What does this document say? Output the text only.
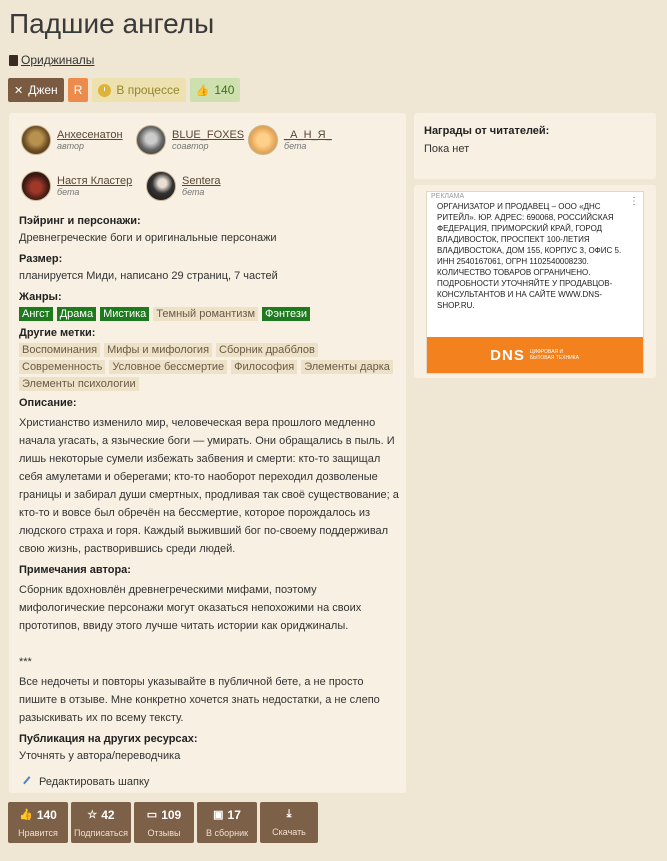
Падшие ангелы
Ориджиналы
✕ Джен R	В процессе 👍 140
Анхесенатон
автор
BLUE_FOXES
соавтор
_А_Н_Я_
бета
Настя Кластер
бета
Sentera
бета
Пэйринг и персонажи:
Древнегреческие боги и оригинальные персонажи
Размер:
планируется Миди, написано 29 страниц, 7 частей
Жанры:
Ангст Драма Мистика Темный романтизм Фэнтези
Другие метки:
Воспоминания Мифы и мифология Сборник драбблов
Современность Условное бессмертие Философия Элементы дарка
Элементы психологии
Описание:
Христианство изменило мир, человеческая вера прошлого медленно начала угасать, а языческие боги — умирать. Они обращались в пыль. И лишь некоторые сумели избежать забвения и смерти: кто-то защищал себя амулетами и оберегами; кто-то наоборот переходил дозволеные границы и забирал души смертных, продливая так своё существование; а кто-то и вовсе был обречён на бессмертие, которое порождалось из людского страха и горя. Каждый выживший бог по-своему поддерживал свою жизнь, растворившись среди людей.
Примечания автора:
Сборник вдохновлён древнегреческими мифами, поэтому мифологические персонажи могут оказаться непохожими на своих прототипов, ввиду этого лучше читать истории как ориджиналы.
***
Все недочеты и повторы указывайте в публичной бете, а не просто пишите в отзыве. Мне конкретно хочется знать недостатки, а не слепо разыскивать их по всему тексту.
Публикация на других ресурсах:
Уточнять у автора/переводчика
Редактировать шапку
Награды от читателей:
Пока нет
РЕКЛАМА	⋮
ОРГАНИЗАТОР И ПРОДАВЕЦ – ООО «ДНС РИТЕЙЛ». ЮР. АДРЕС: 690068, РОССИЙСКАЯ ФЕДЕРАЦИЯ, ПРИМОРСКИЙ КРАЙ, ГОРОД ВЛАДИВОСТОК, ПРОСПЕКТ 100-ЛЕТИЯ ВЛАДИВОСТОКА, ДОМ 155, КОРПУС 3, ОФИС 5. ИНН 2540167061, ОГРН 1102540008230. КОЛИЧЕСТВО ТОВАРОВ ОГРАНИЧЕНО. ПОДРОБНОСТИ УТОЧНЯЙТЕ У ПРОДАВЦОВ-КОНСУЛЬТАНТОВ И НА САЙТЕ WWW.DNS-SHOP.RU.
DNS ЦИФРОВАЯ И БЫТОВАЯ ТЕХНИКА
👍 140
Нравится
☆ 42
Подписаться
▭ 109
Отзывы
▣ 17
В сборник
⤓
Скачать
